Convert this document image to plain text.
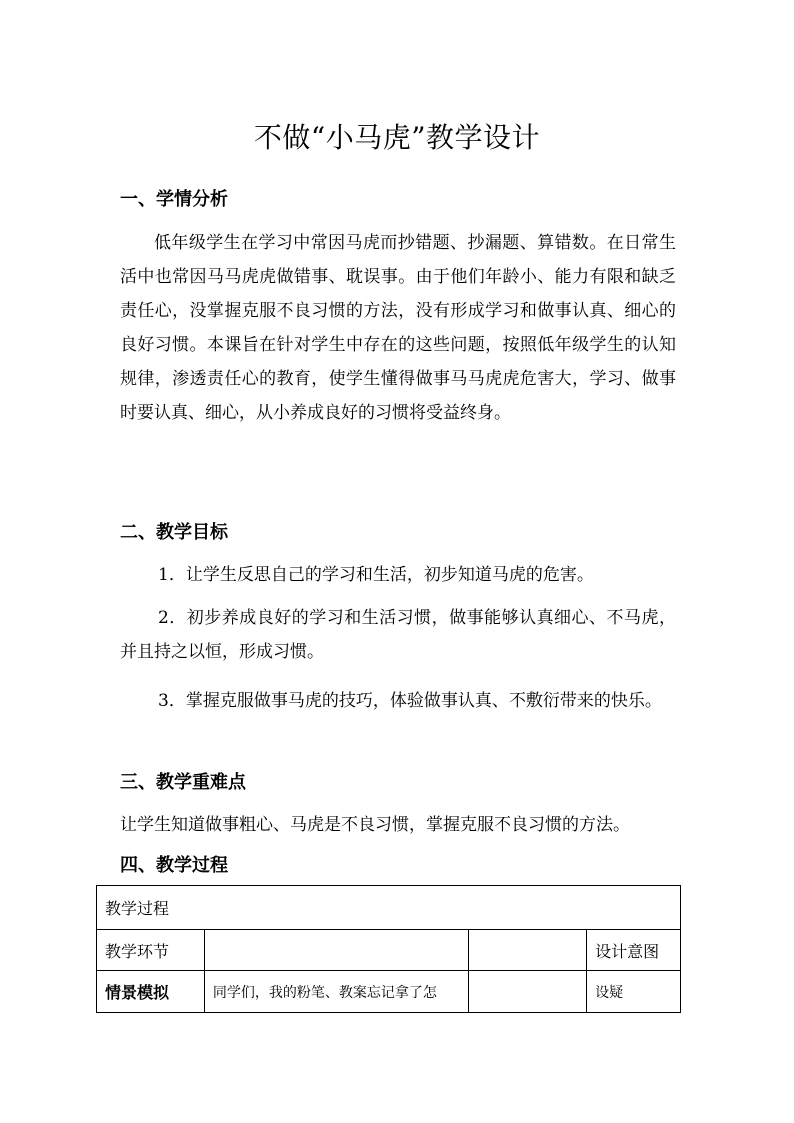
不做“小马虎”教学设计
一、学情分析
低年级学生在学习中常因马虎而抄错题、抄漏题、算错数。在日常生活中也常因马马虎虎做错事、耽误事。由于他们年龄小、能力有限和缺乏责任心，没掌握克服不良习惯的方法，没有形成学习和做事认真、细心的良好习惯。本课旨在针对学生中存在的这些问题，按照低年级学生的认知规律，渗透责任心的教育，使学生懂得做事马马虎虎危害大，学习、做事时要认真、细心，从小养成良好的习惯将受益终身。
二、教学目标
1．让学生反思自己的学习和生活，初步知道马虎的危害。
2．初步养成良好的学习和生活习惯，做事能够认真细心、不马虎，并且持之以恒，形成习惯。
3．掌握克服做事马虎的技巧，体验做事认真、不敷衍带来的快乐。
三、教学重难点
让学生知道做事粗心、马虎是不良习惯，掌握克服不良习惯的方法。
四、教学过程
教学过程			
教学环节			设计意图
情景模拟	同学们，我的粉笔、教案忘记拿了怎		设疑
